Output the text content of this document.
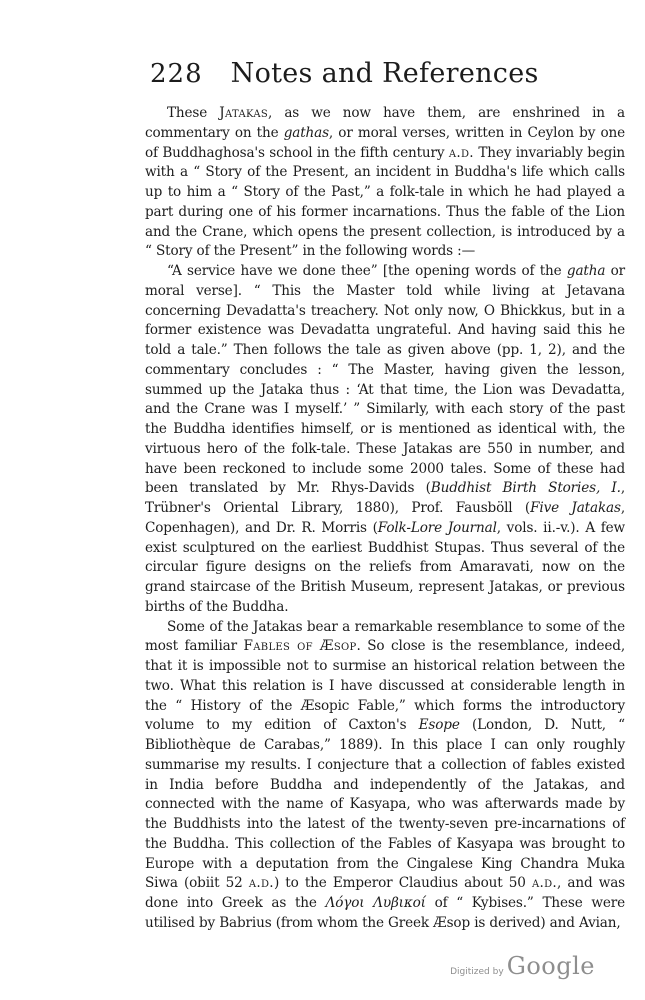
228 Notes and References

These Jatakas, as we now have them, are enshrined in a commentary on the gathas, or moral verses, written in Ceylon by one of Buddhaghosa's school in the fifth century a.d. They invariably begin with a “ Story of the Present, an incident in Buddha's life which calls up to him a “ Story of the Past,” a folk-tale in which he had played a part during one of his former incarnations. Thus the fable of the Lion and the Crane, which opens the present collection, is introduced by a “ Story of the Present” in the following words :—

“A service have we done thee” [the opening words of the gatha or moral verse]. “ This the Master told while living at Jetavana concerning Devadatta's treachery. Not only now, O Bhickkus, but in a former existence was Devadatta ungrateful. And having said this he told a tale.” Then follows the tale as given above (pp. 1, 2), and the commentary concludes : “ The Master, having given the lesson, summed up the Jataka thus : ‘At that time, the Lion was Devadatta, and the Crane was I myself.’ ” Similarly, with each story of the past the Buddha identifies himself, or is mentioned as identical with, the virtuous hero of the folk-tale. These Jatakas are 550 in number, and have been reckoned to include some 2000 tales. Some of these had been translated by Mr. Rhys-Davids (Buddhist Birth Stories, I., Trübner's Oriental Library, 1880), Prof. Fausböll (Five Jatakas, Copenhagen), and Dr. R. Morris (Folk-Lore Journal, vols. ii.-v.). A few exist sculptured on the earliest Buddhist Stupas. Thus several of the circular figure designs on the reliefs from Amaravati, now on the grand staircase of the British Museum, represent Jatakas, or previous births of the Buddha.

Some of the Jatakas bear a remarkable resemblance to some of the most familiar Fables of Æsop. So close is the resemblance, indeed, that it is impossible not to surmise an historical relation between the two. What this relation is I have discussed at considerable length in the “ History of the Æsopic Fable,” which forms the introductory volume to my edition of Caxton's Esope (London, D. Nutt, “ Bibliothèque de Carabas,” 1889). In this place I can only roughly summarise my results. I conjecture that a collection of fables existed in India before Buddha and independently of the Jatakas, and connected with the name of Kasyapa, who was afterwards made by the Buddhists into the latest of the twenty-seven pre-incarnations of the Buddha. This collection of the Fables of Kasyapa was brought to Europe with a deputation from the Cingalese King Chandra Muka Siwa (obiit 52 a.d.) to the Emperor Claudius about 50 a.d., and was done into Greek as the Λόγοι Λυβικοί of “ Kybises.” These were utilised by Babrius (from whom the Greek Æsop is derived) and Avian,

Digitized by Google
